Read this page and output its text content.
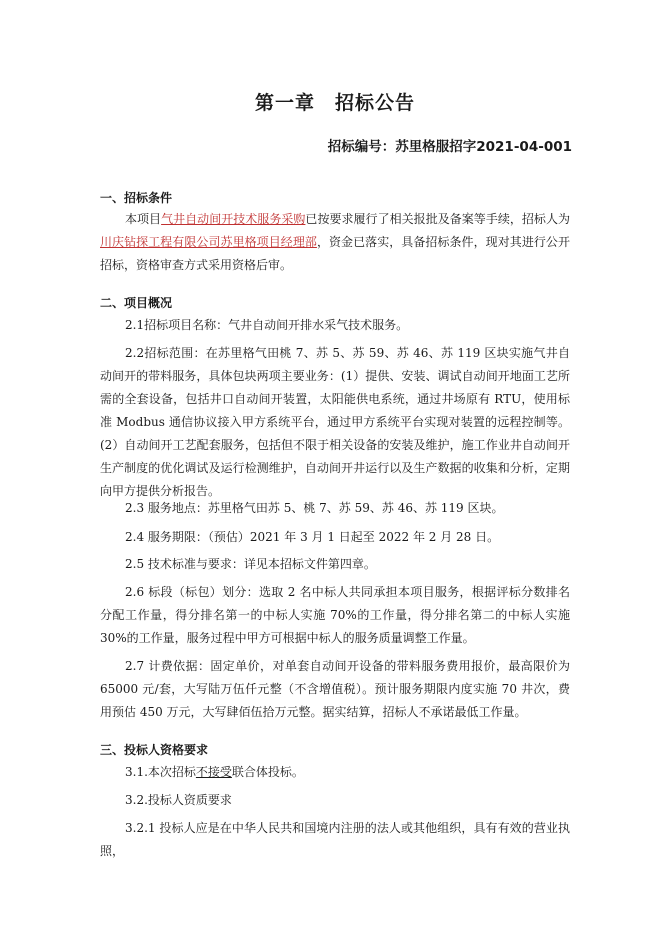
第一章　招标公告
招标编号：苏里格服招字2021-04-001
一、招标条件

本项目气井自动间开技术服务采购已按要求履行了相关报批及备案等手续，招标人为川庆钻探工程有限公司苏里格项目经理部，资金已落实，具备招标条件，现对其进行公开招标，资格审查方式采用资格后审。

二、项目概况

2.1招标项目名称：气井自动间开排水采气技术服务。

2.2招标范围：在苏里格气田桃 7、苏 5、苏 59、苏 46、苏 119 区块实施气井自动间开的带料服务，具体包块两项主要业务：(1）提供、安装、调试自动间开地面工艺所需的全套设备，包括井口自动间开装置，太阳能供电系统，通过井场原有 RTU，使用标准 Modbus 通信协议接入甲方系统平台，通过甲方系统平台实现对装置的远程控制等。(2）自动间开工艺配套服务，包括但不限于相关设备的安装及维护，施工作业井自动间开生产制度的优化调试及运行检测维护，自动间开井运行以及生产数据的收集和分析，定期向甲方提供分析报告。

2.3 服务地点：苏里格气田苏 5、桃 7、苏 59、苏 46、苏 119 区块。

2.4 服务期限：（预估）2021 年 3 月 1 日起至 2022 年 2 月 28 日。

2.5 技术标准与要求：详见本招标文件第四章。

2.6 标段（标包）划分：选取 2 名中标人共同承担本项目服务，根据评标分数排名分配工作量，得分排名第一的中标人实施 70%的工作量，得分排名第二的中标人实施 30%的工作量，服务过程中甲方可根据中标人的服务质量调整工作量。

2.7 计费依据：固定单价，对单套自动间开设备的带料服务费用报价，最高限价为 65000 元/套，大写陆万伍仟元整（不含增值税）。预计服务期限内度实施 70 井次，费用预估 450 万元，大写肆佰伍拾万元整。据实结算，招标人不承诺最低工作量。

三、投标人资格要求

3.1.本次招标不接受联合体投标。

3.2.投标人资质要求

3.2.1 投标人应是在中华人民共和国境内注册的法人或其他组织，具有有效的营业执照，
